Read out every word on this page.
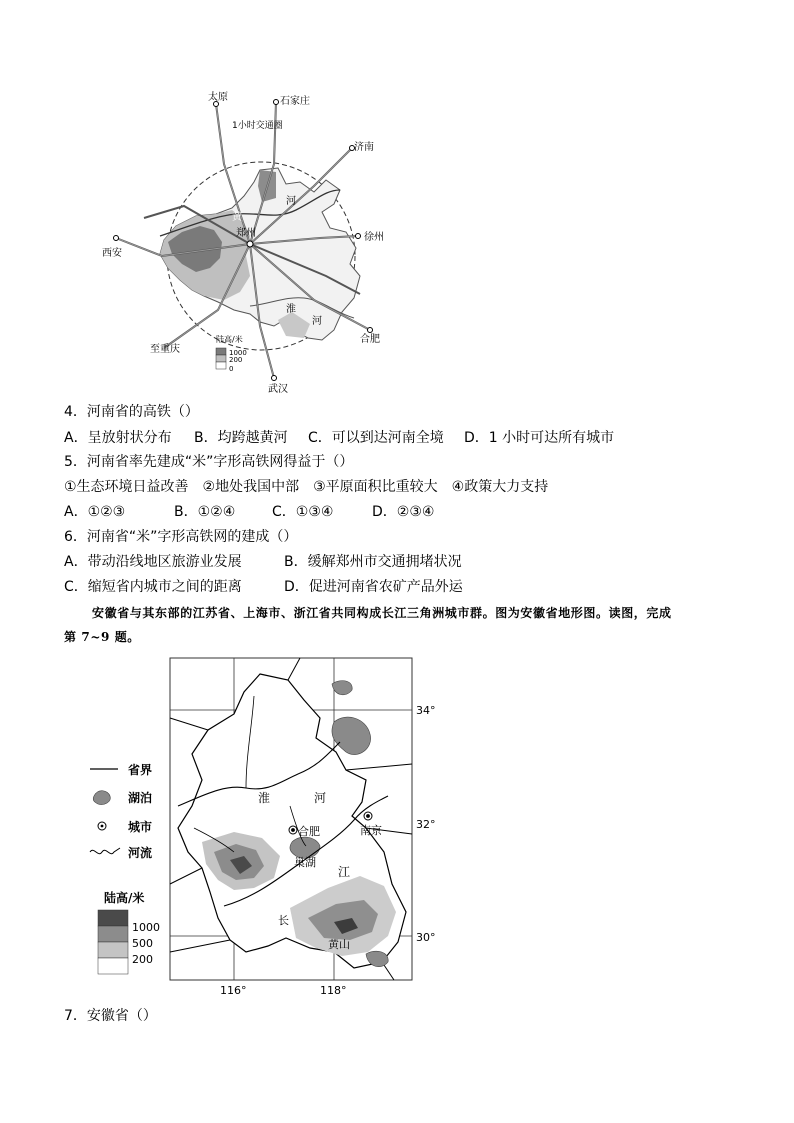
太原	石家庄
1小时交通圈
济南
黄
河
郑州	徐州
西安
淮
河
合肥
至重庆
武汉
陆高/米
1000
200
0
4．河南省的高铁（）
A．呈放射状分布 B．均跨越黄河 C．可以到达河南全境 D．1 小时可达所有城市
5．河南省率先建成“米”字形高铁网得益于（）
①生态环境日益改善　②地处我国中部　③平原面积比重较大　④政策大力支持
A．①②③	B．①②④	C．①③④	D．②③④
6．河南省“米”字形高铁网的建成（）
A．带动沿线地区旅游业发展	B．缓解郑州市交通拥堵状况
C．缩短省内城市之间的距离	D．促进河南省农矿产品外运
安徽省与其东部的江苏省、上海市、浙江省共同构成长江三角洲城市群。图为安徽省地形图。读图，完成
第 7~9 题。
河
淮
合肥	南京
巢湖
江
长
黄山
34°
32°
30°
116°	118°
省界
湖泊
城市
河流
陆高/米
1000
500
200
7．安徽省（）
